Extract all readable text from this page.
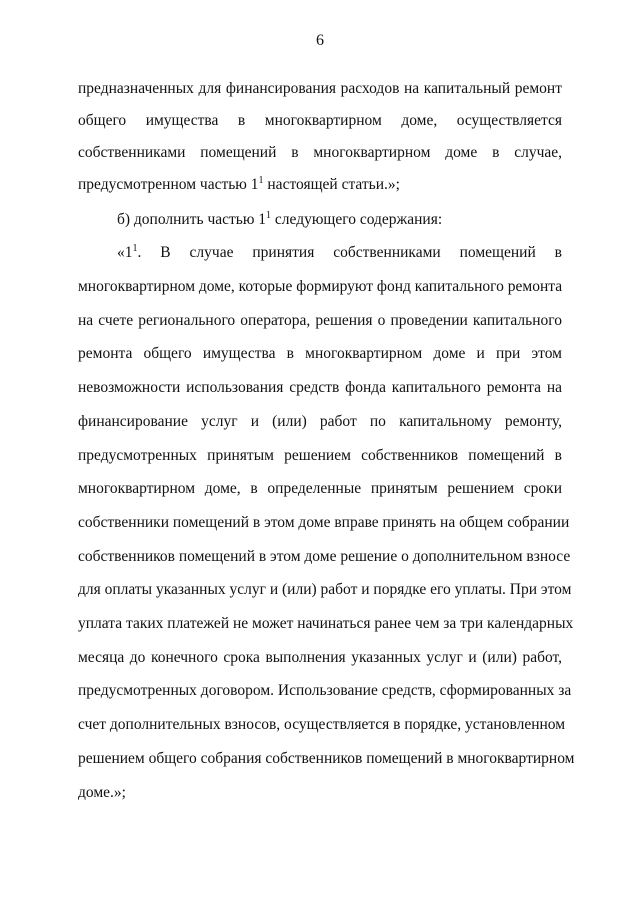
6
предназначенных для финансирования расходов на капитальный ремонт
общего имущества в многоквартирном доме, осуществляется
собственниками помещений в многоквартирном доме в случае,
предусмотренном частью $1^1$ настоящей статьи.»;
б) дополнить частью $1^1$ следующего содержания:
«$1^1$. В случае принятия собственниками помещений в
многоквартирном доме, которые формируют фонд капитального ремонта
на счете регионального оператора, решения о проведении капитального
ремонта общего имущества в многоквартирном доме и при этом
невозможности использования средств фонда капитального ремонта на
финансирование услуг и (или) работ по капитальному ремонту,
предусмотренных принятым решением собственников помещений в
многоквартирном доме, в определенные принятым решением сроки
собственники помещений в этом доме вправе принять на общем собрании
собственников помещений в этом доме решение о дополнительном взносе
для оплаты указанных услуг и (или) работ и порядке его уплаты. При этом
уплата таких платежей не может начинаться ранее чем за три календарных
месяца до конечного срока выполнения указанных услуг и (или) работ,
предусмотренных договором. Использование средств, сформированных за
счет дополнительных взносов, осуществляется в порядке, установленном
решением общего собрания собственников помещений в многоквартирном
доме.»;
